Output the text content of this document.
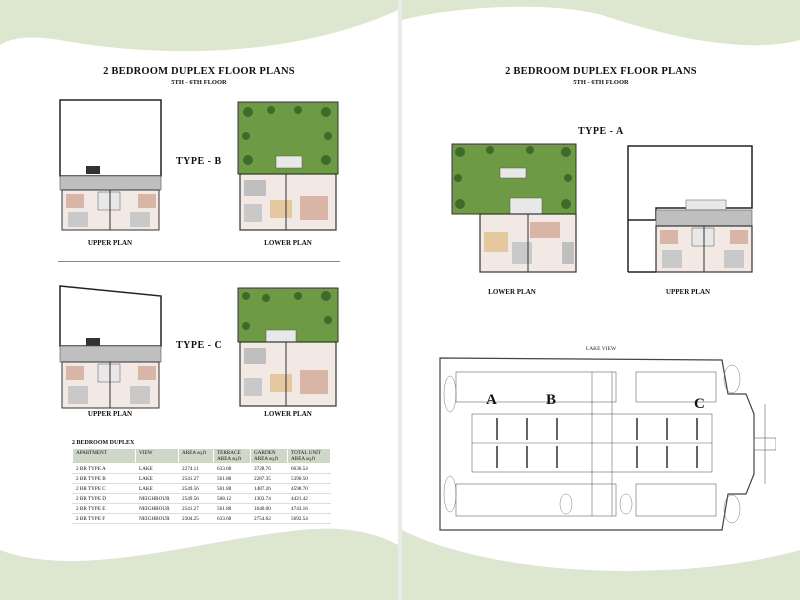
2 BEDROOM DUPLEX FLOOR PLANS
5TH - 6TH FLOOR
UPPER PLAN
TYPE - B
LOWER PLAN
UPPER PLAN
TYPE - C
LOWER PLAN
2 BEDROOM DUPLEX
APARTMENT	VIEW	AREA sq.ft	TERRACE AREA sq.ft	GARDEN AREA sq.ft	TOTAL UNIT AREA sq.ft
2 BR TYPE A	LAKE	2274.11	633.68	3728.76	6636.54
2 BR TYPE B	LAKE	2541.27	561.88	2287.35	5390.50
2 BR TYPE C	LAKE	2549.56	561.88	1487.26	4598.70
2 BR TYPE D	NEIGHBOUR	2549.56	568.12	1303.74	4421.42
2 BR TYPE E	NEIGHBOUR	2541.27	561.88	1640.00	4743.16
2 BR TYPE F	NEIGHBOUR	2304.25	633.68	2754.62	5692.54
2 BEDROOM DUPLEX FLOOR PLANS
5TH - 6TH FLOOR
TYPE - A
LOWER PLAN	UPPER PLAN
LAKE VIEW
A	B	C
